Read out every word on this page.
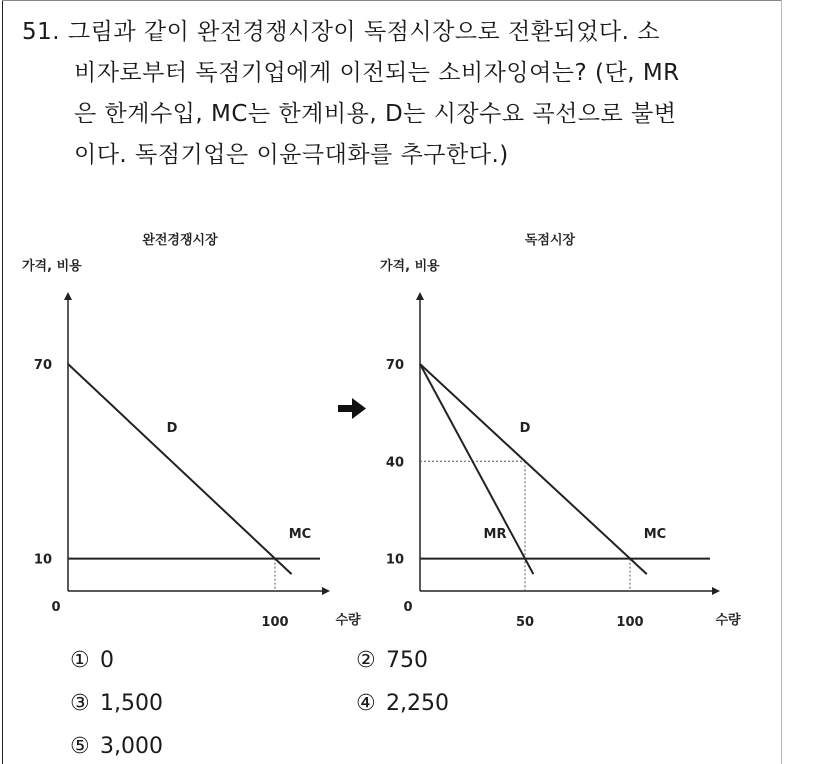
51. 그림과 같이 완전경쟁시장이 독점시장으로 전환되었다. 소
비자로부터 독점기업에게 이전되는 소비자잉여는? (단, MR
은 한계수입, MC는 한계비용, D는 시장수요 곡선으로 불변
이다. 독점기업은 이윤극대화를 추구한다.)
완전경쟁시장
가격, 비용
수량
D
MC
70
10
0
100
독점시장
가격, 비용
수량
D
MR	MC
70
40
10
0
50	100
① 0	② 750
③ 1,500	④ 2,250
⑤ 3,000
